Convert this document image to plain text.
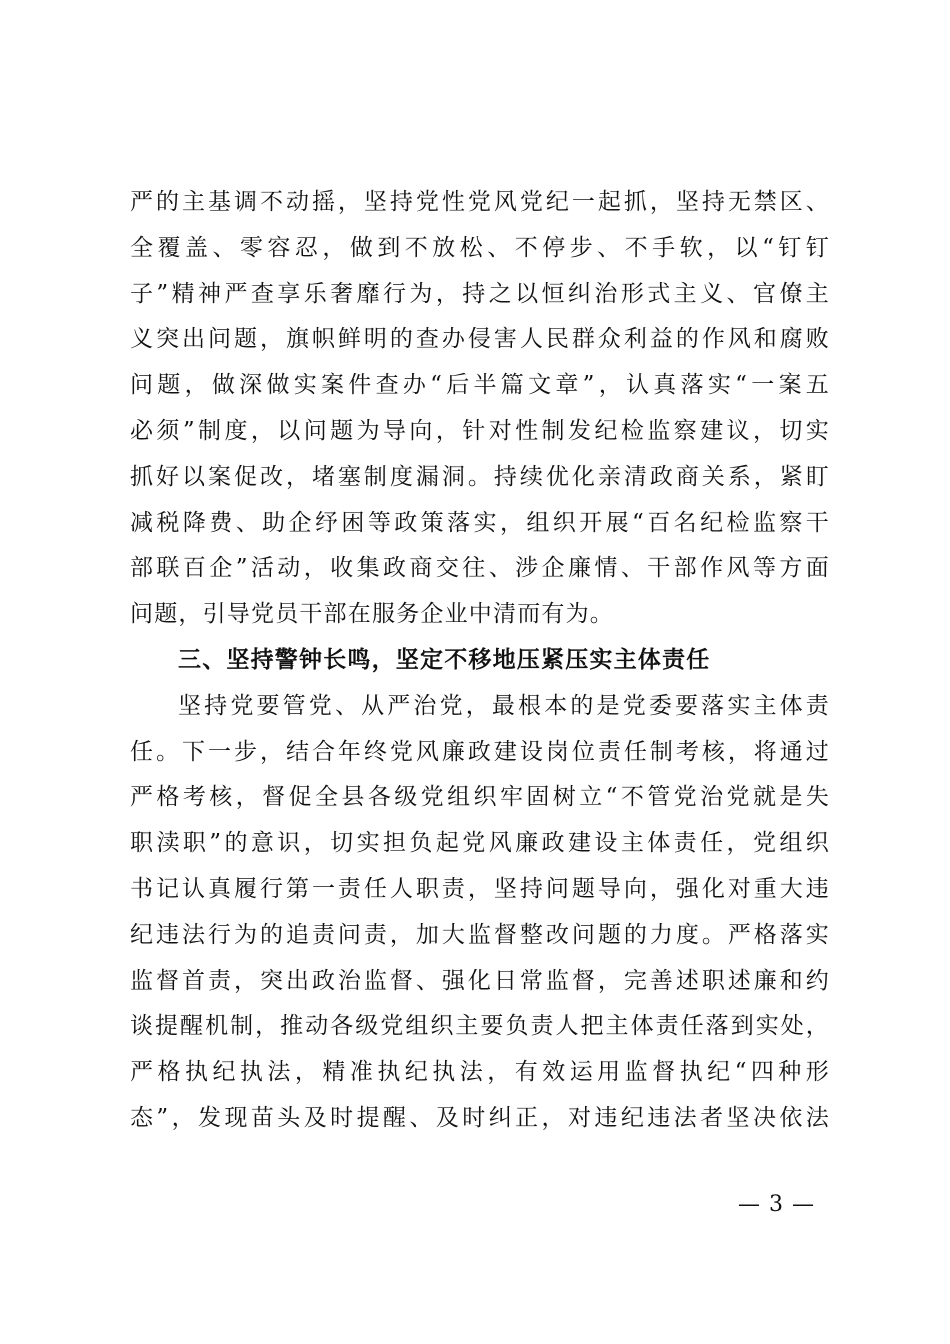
严的主基调不动摇，坚持党性党风党纪一起抓，坚持无禁区、
全覆盖、零容忍，做到不放松、不停步、不手软，以“钉钉
子”精神严查享乐奢靡行为，持之以恒纠治形式主义、官僚主
义突出问题，旗帜鲜明的查办侵害人民群众利益的作风和腐败
问题，做深做实案件查办“后半篇文章”，认真落实“一案五
必须”制度，以问题为导向，针对性制发纪检监察建议，切实
抓好以案促改，堵塞制度漏洞。持续优化亲清政商关系，紧盯
减税降费、助企纾困等政策落实，组织开展“百名纪检监察干
部联百企”活动，收集政商交往、涉企廉情、干部作风等方面
问题，引导党员干部在服务企业中清而有为。
三、坚持警钟长鸣，坚定不移地压紧压实主体责任
坚持党要管党、从严治党，最根本的是党委要落实主体责
任。下一步，结合年终党风廉政建设岗位责任制考核，将通过
严格考核，督促全县各级党组织牢固树立“不管党治党就是失
职渎职”的意识，切实担负起党风廉政建设主体责任，党组织
书记认真履行第一责任人职责，坚持问题导向，强化对重大违
纪违法行为的追责问责，加大监督整改问题的力度。严格落实
监督首责，突出政治监督、强化日常监督，完善述职述廉和约
谈提醒机制，推动各级党组织主要负责人把主体责任落到实处，
严格执纪执法，精准执纪执法，有效运用监督执纪“四种形
态”，发现苗头及时提醒、及时纠正，对违纪违法者坚决依法
— 3 —
